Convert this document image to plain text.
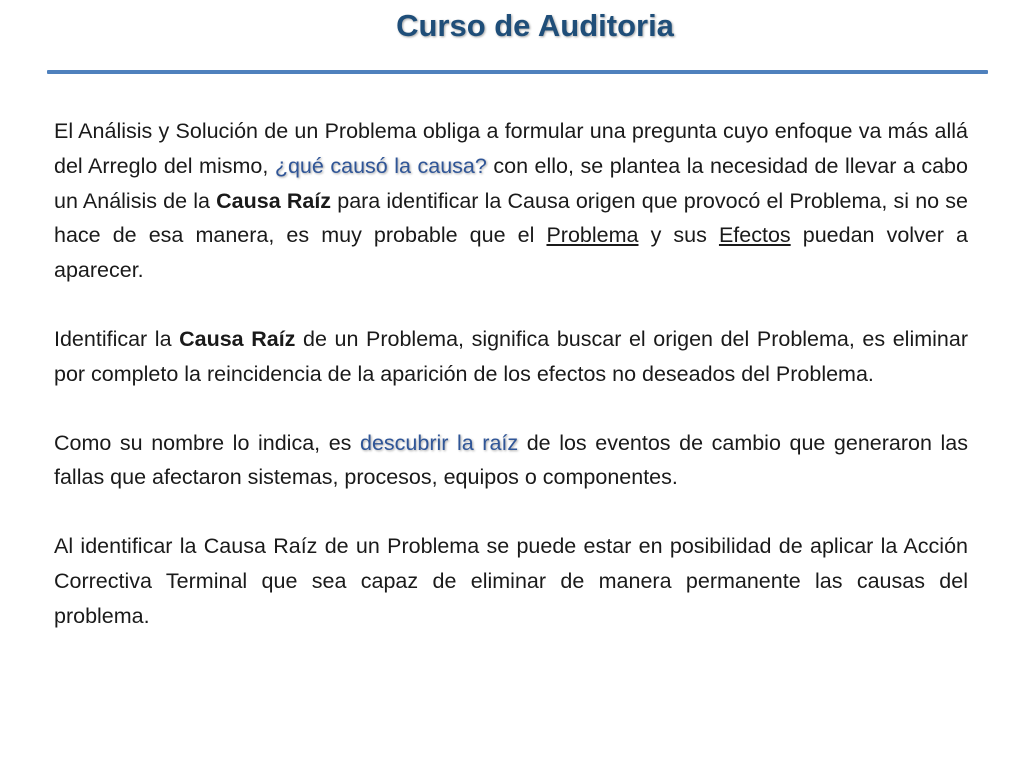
Curso de Auditoria

El Análisis y Solución de un Problema obliga a formular una pregunta cuyo enfoque va más allá del Arreglo del mismo, ¿qué causó la causa? con ello, se plantea la necesidad de llevar a cabo un Análisis de la Causa Raíz para identificar la Causa origen que provocó el Problema, si no se hace de esa manera, es muy probable que el Problema y sus Efectos puedan volver a aparecer.

Identificar la Causa Raíz de un Problema, significa buscar el origen del Problema, es eliminar por completo la reincidencia de la aparición de los efectos no deseados del Problema.

Como su nombre lo indica, es descubrir la raíz de los eventos de cambio que generaron las fallas que afectaron sistemas, procesos, equipos o componentes.

Al identificar la Causa Raíz de un Problema se puede estar en posibilidad de aplicar la Acción Correctiva Terminal que sea capaz de eliminar de manera permanente las causas del problema.
